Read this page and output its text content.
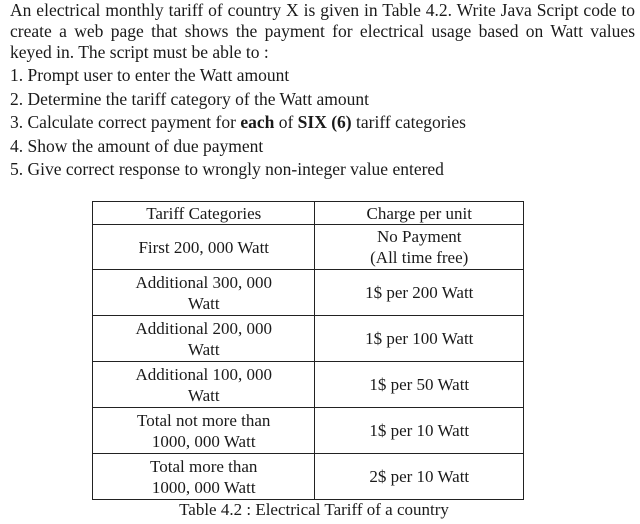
An electrical monthly tariff of country X is given in Table 4.2. Write Java Script code to create a web page that shows the payment for electrical usage based on Watt values keyed in. The script must be able to :

1. Prompt user to enter the Watt amount
2. Determine the tariff category of the Watt amount
3. Calculate correct payment for each of SIX (6) tariff categories
4. Show the amount of due payment
5. Give correct response to wrongly non-integer value entered
Tariff Categories	Charge per unit

First 200, 000 Watt	No Payment
(All time free)

Additional 300, 000
Watt	1$ per 200 Watt

Additional 200, 000
Watt	1$ per 100 Watt

Additional 100, 000
Watt	1$ per 50 Watt

Total not more than
1000, 000 Watt	1$ per 10 Watt

Total more than
1000, 000 Watt	2$ per 10 Watt
Table 4.2 : Electrical Tariff of a country
